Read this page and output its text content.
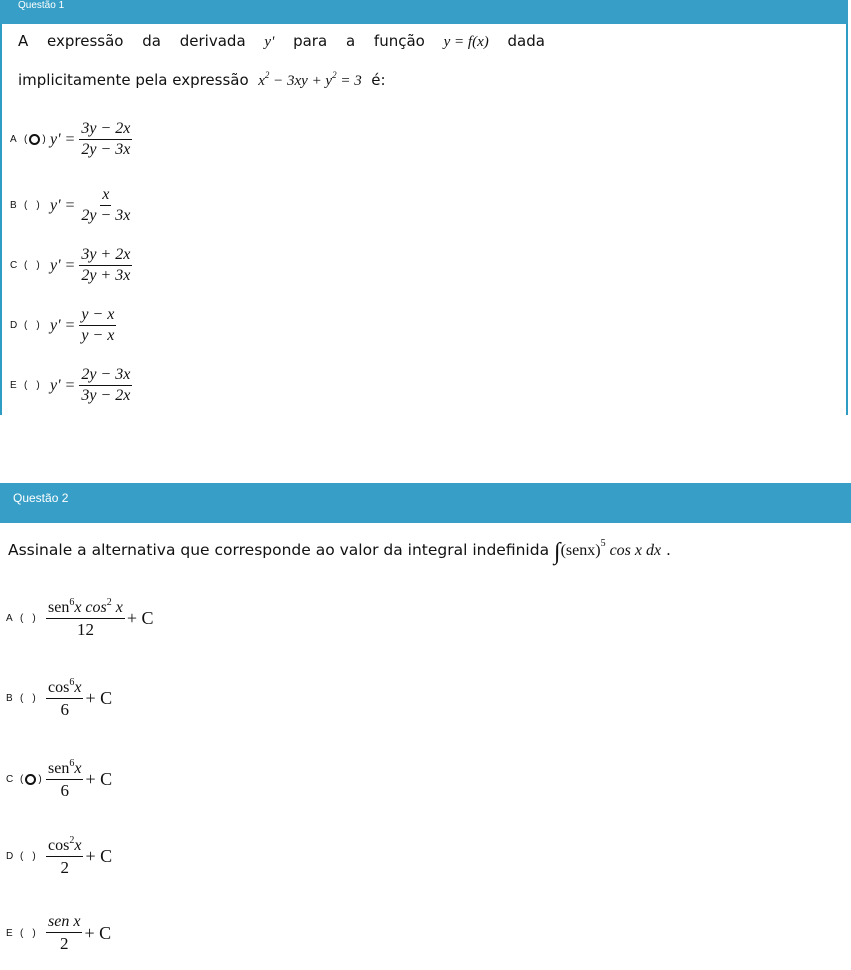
Questão 1
A expressão da derivada y' para a função y = f(x) dada
implicitamente pela expressão $x^2 - 3xy + y^2 = 3$ é:
A ( ) $y' = \frac{3y - 2x}{2y - 3x}$
B ( ) $y' = \frac{x}{2y - 3x}$
C ( ) $y' = \frac{3y + 2x}{2y + 3x}$
D ( ) $y' = \frac{y - x}{y - x}$
E ( ) $y' = \frac{2y - 3x}{3y - 2x}$
Questão 2
Assinale a alternativa que corresponde ao valor da integral indefinida ∫(senx)$^5$ cos x dx .
A ( ) $\frac{sen^6x \cos^2 x}{12} + C$
B ( ) $\frac{\cos^6x}{6} + C$
C ( ) $\frac{sen^6x}{6} + C$
D ( ) $\frac{\cos^2x}{2} + C$
E ( ) $\frac{\text{sen x}}{2} + C$
